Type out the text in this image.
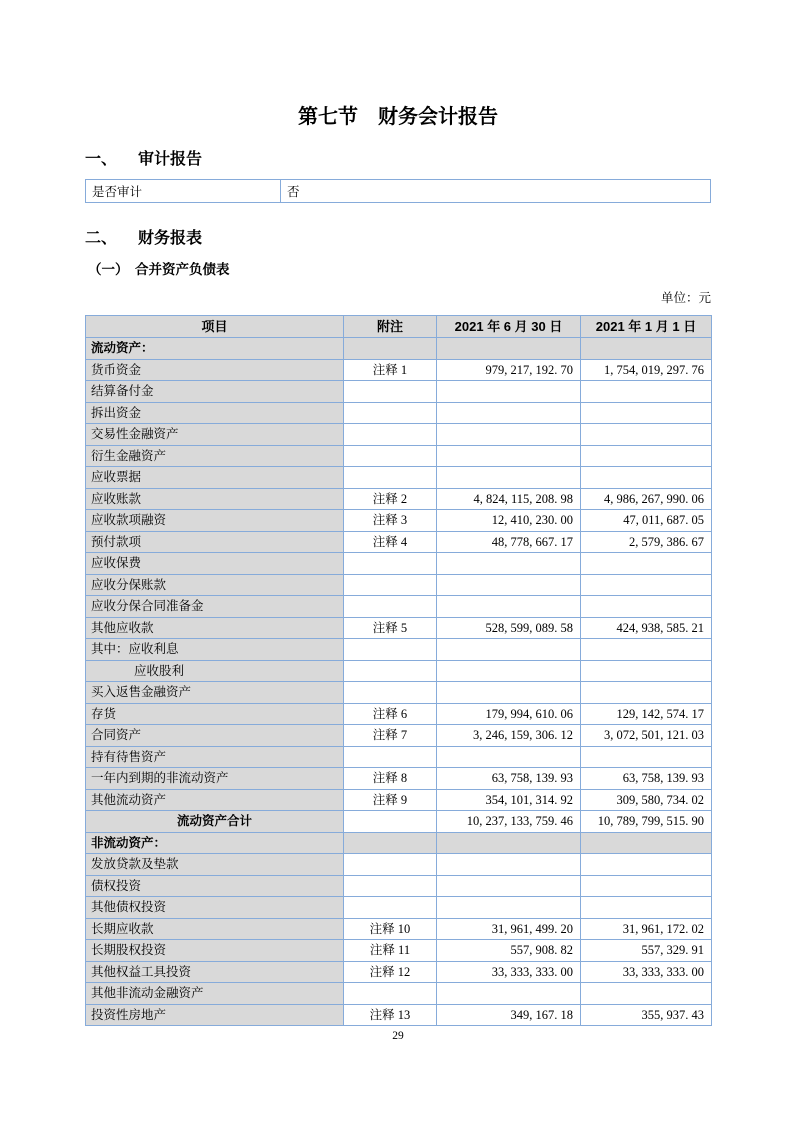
第七节 财务会计报告
一、 审计报告
是否审计	否
二、 财务报表
（一） 合并资产负债表
单位：元
项目	附注	2021 年 6 月 30 日	2021 年 1 月 1 日
流动资产：			
货币资金	注释 1	979, 217, 192. 70	1, 754, 019, 297. 76
结算备付金			
拆出资金			
交易性金融资产			
衍生金融资产			
应收票据			
应收账款	注释 2	4, 824, 115, 208. 98	4, 986, 267, 990. 06
应收款项融资	注释 3	12, 410, 230. 00	47, 011, 687. 05
预付款项	注释 4	48, 778, 667. 17	2, 579, 386. 67
应收保费			
应收分保账款			
应收分保合同准备金			
其他应收款	注释 5	528, 599, 089. 58	424, 938, 585. 21
其中：应收利息			
应收股利			
买入返售金融资产			
存货	注释 6	179, 994, 610. 06	129, 142, 574. 17
合同资产	注释 7	3, 246, 159, 306. 12	3, 072, 501, 121. 03
持有待售资产			
一年内到期的非流动资产	注释 8	63, 758, 139. 93	63, 758, 139. 93
其他流动资产	注释 9	354, 101, 314. 92	309, 580, 734. 02
流动资产合计		10, 237, 133, 759. 46	10, 789, 799, 515. 90
非流动资产：			
发放贷款及垫款			
债权投资			
其他债权投资			
长期应收款	注释 10	31, 961, 499. 20	31, 961, 172. 02
长期股权投资	注释 11	557, 908. 82	557, 329. 91
其他权益工具投资	注释 12	33, 333, 333. 00	33, 333, 333. 00
其他非流动金融资产			
投资性房地产	注释 13	349, 167. 18	355, 937. 43
29
